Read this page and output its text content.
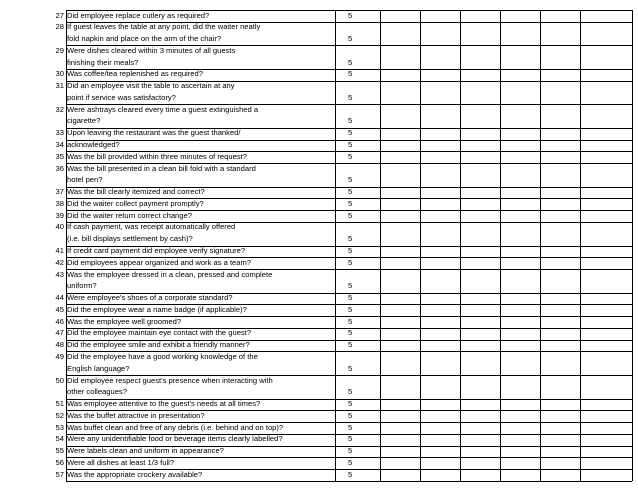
27 Did employee replace cutlery as required?	5
28 If guest leaves the table at any point, did the waiter neatly
fold napkin and place on the arm of the chair?	5
29 Were dishes cleared within 3 minutes of all guests
finishing their meals?	5
30 Was coffee/tea replenished as required?	5
31 Did an employee visit the table to ascertain at any
point if service was satisfactory?	5
32 Were ashtrays cleared every time a guest extinguished a
cigarette?	5
33 Upon leaving the restaurant was the guest thanked/	5
34 acknowledged?	5
35 Was the bill provided within three minutes of request?	5
36 Was the bill presented in a clean bill fold with a standard
hotel pen?	5
37 Was the bill clearly itemized and correct?	5
38 Did the waiter collect payment promptly?	5
39 Did the waiter return correct change?	5
40 If cash payment, was receipt automatically offered
(i.e. bill displays settlement by cash)?	5
41 If credit card payment did employee verify signature?	5
42 Did employees appear organized and work as a team?	5
43 Was the employee dressed in a clean, pressed and complete
uniform?	5
44 Were employee's shoes of a corporate standard?	5
45 Did the employee wear a name badge (if applicable)?	5
46 Was the employee well groomed?	5
47 Did the employee maintain eye contact with the guest?	5
48 Did the employee smile and exhibit a friendly manner?	5
49 Did the employee have a good working knowledge of the
English language?	5
50 Did employee respect guest's presence when interacting with
other colleagues?	5
51 Was employee attentive to the guest's needs at all times?	5
52 Was the buffet attractive in presentation?	5
53 Was buffet clean and free of any debris (i.e. behind and on top)?	5
54 Were any unidentifiable food or beverage items clearly labelled?	5
55 Were labels clean and uniform in appearance?	5
56 Were all dishes at least 1/3 full?	5
57 Was the appropriate crockery available?	5
